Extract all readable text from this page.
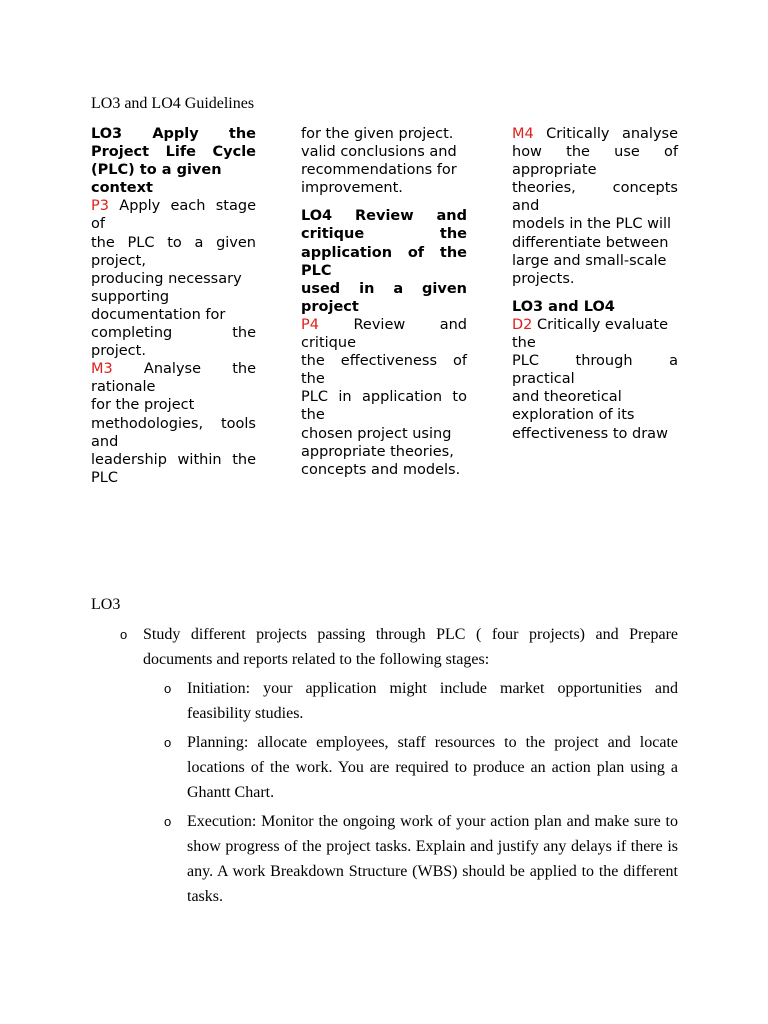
LO3 and LO4 Guidelines
LO3 Apply the
Project Life Cycle
(PLC) to a given
context
P3 Apply each stage
of
the PLC to a given
project,
producing necessary
supporting
documentation for
completing the
project.
M3 Analyse the
rationale
for the project
methodologies, tools
and
leadership within the
PLC
for the given project.
valid conclusions and
recommendations for
improvement.
LO4 Review and
critique the
application of the
PLC
used in a given
project
P4 Review and
critique
the effectiveness of
the
PLC in application to
the
chosen project using
appropriate theories,
concepts and models.
M4 Critically analyse
how the use of
appropriate
theories, concepts
and
models in the PLC will
differentiate between
large and small-scale
projects.
LO3 and LO4
D2 Critically evaluate
the
PLC through a
practical
and theoretical
exploration of its
effectiveness to draw
LO3
o Study different projects passing through PLC ( four projects) and Prepare documents and reports related to the following stages:
o Initiation: your application might include market opportunities and feasibility studies.
o Planning: allocate employees, staff resources to the project and locate locations of the work. You are required to produce an action plan using a Ghantt Chart.
o Execution: Monitor the ongoing work of your action plan and make sure to show progress of the project tasks. Explain and justify any delays if there is any. A work Breakdown Structure (WBS) should be applied to the different tasks.
